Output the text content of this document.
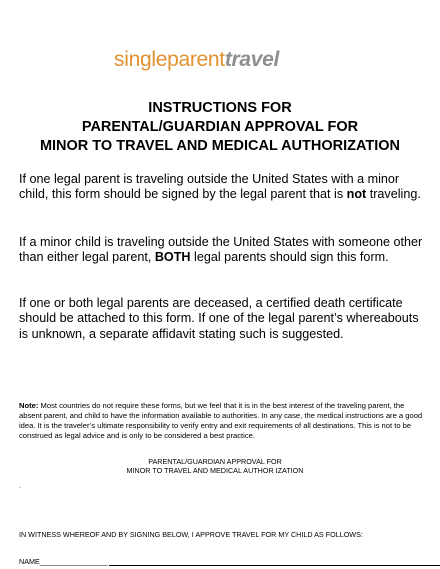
singleparenttravel
INSTRUCTIONS FOR
PARENTAL/GUARDIAN APPROVAL FOR
MINOR TO TRAVEL AND MEDICAL AUTHORIZATION
If one legal parent is traveling outside the United States with a minor child, this form should be signed by the legal parent that is not traveling.
If a minor child is traveling outside the United States with someone other than either legal parent, BOTH legal parents should sign this form.
If one or both legal parents are deceased, a certified death certificate should be attached to this form. If one of the legal parent’s whereabouts is unknown, a separate affidavit stating such is suggested.
Note: Most countries do not require these forms, but we feel that it is in the best interest of the traveling parent, the absent parent, and child to have the information available to authorities. In any case, the medical instructions are a good idea. It is the traveler’s ultimate responsibility to verify entry and exit requirements of all destinations. This is not to be construed as legal advice and is only to be considered a best practice.
PARENTAL/GUARDIAN APPROVAL FOR
MINOR TO TRAVEL AND MEDICAL AUTHOR IZATION
.
IN WITNESS WHEREOF AND BY SIGNING BELOW, I APPROVE TRAVEL FOR MY CHILD AS FOLLOWS:
NAME_________________
